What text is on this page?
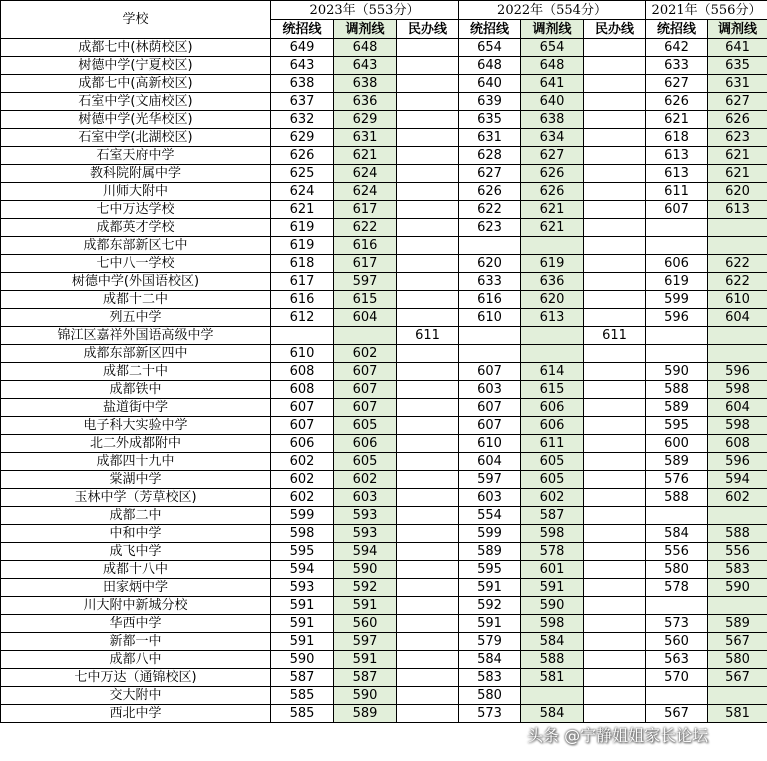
学校	2023年（553分）			2022年（554分）			2021年（556分）	
	统招线	调剂线	民办线	统招线	调剂线	民办线	统招线	调剂线
成都七中(林荫校区)	649	648		654	654		642	641
树德中学(宁夏校区)	643	643		648	648		633	635
成都七中(高新校区)	638	638		640	641		627	631
石室中学(文庙校区)	637	636		639	640		626	627
树德中学(光华校区)	632	629		635	638		621	626
石室中学(北湖校区)	629	631		631	634		618	623
石室天府中学	626	621		628	627		613	621
教科院附属中学	625	624		627	626		613	621
川师大附中	624	624		626	626		611	620
七中万达学校	621	617		622	621		607	613
成都英才学校	619	622		623	621			
成都东部新区七中	619	616						
七中八一学校	618	617		620	619		606	622
树德中学(外国语校区)	617	597		633	636		619	622
成都十二中	616	615		616	620		599	610
列五中学	612	604		610	613		596	604
锦江区嘉祥外国语高级中学			611			611		
成都东部新区四中	610	602						
成都二十中	608	607		607	614		590	596
成都铁中	608	607		603	615		588	598
盐道街中学	607	607		607	606		589	604
电子科大实验中学	607	605		607	606		595	598
北二外成都附中	606	606		610	611		600	608
成都四十九中	602	605		604	605		589	596
棠湖中学	602	602		597	605		576	594
玉林中学（芳草校区)	602	603		603	602		588	602
成都二中	599	593		554	587			
中和中学	598	593		599	598		584	588
成飞中学	595	594		589	578		556	556
成都十八中	594	590		595	601		580	583
田家炳中学	593	592		591	591		578	590
川大附中新城分校	591	591		592	590			
华西中学	591	560		591	598		573	589
新都一中	591	597		579	584		560	567
成都八中	590	591		584	588		563	580
七中万达（通锦校区)	587	587		583	581		570	567
交大附中	585	590		580				
西北中学	585	589		573	584		567	581
头条 @宁静姐姐家长论坛
